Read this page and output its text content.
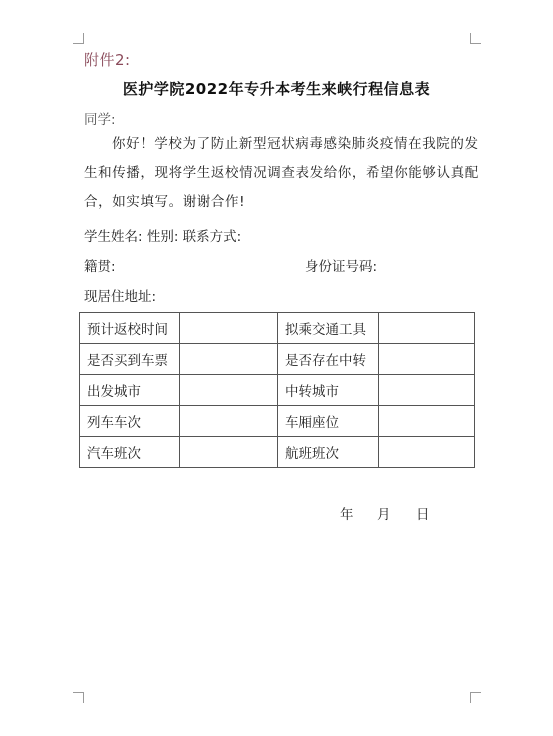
附件2:
医护学院2022年专升本考生来峡行程信息表
同学:
你好！学校为了防止新型冠状病毒感染肺炎疫情在我院的发生和传播，现将学生返校情况调查表发给你，希望你能够认真配合，如实填写。谢谢合作!
学生姓名: 性别: 联系方式:
籍贯:	身份证号码:
现居住地址:
预计返校时间		拟乘交通工具	
是否买到车票		是否存在中转	
出发城市		中转城市	
列车车次		车厢座位	
汽车班次		航班班次	
年 月 日
